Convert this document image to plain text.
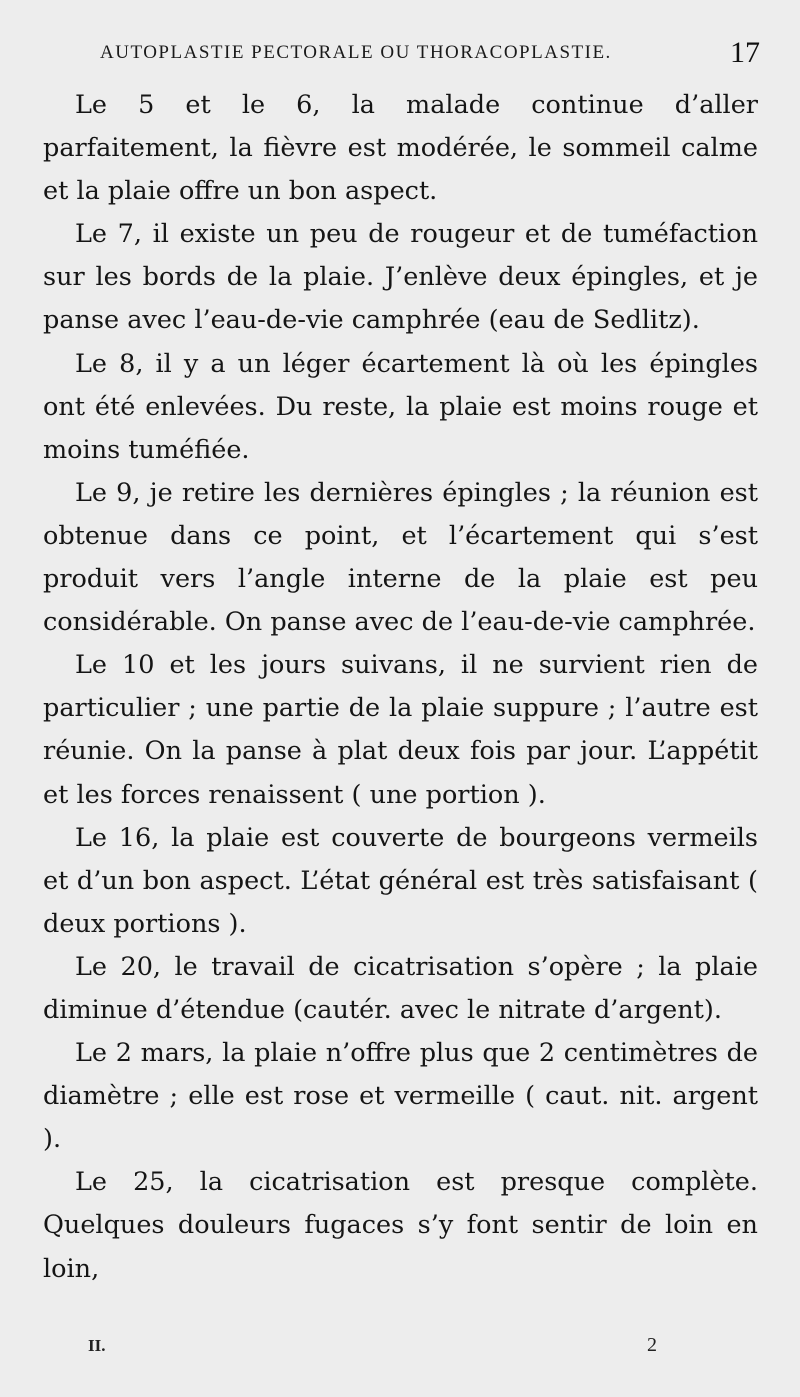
AUTOPLASTIE PECTORALE OU THORACOPLASTIE.	17

Le 5 et le 6, la malade continue d’aller parfaitement, la fièvre est modérée, le sommeil calme et la plaie offre un bon aspect.

Le 7, il existe un peu de rougeur et de tuméfaction sur les bords de la plaie. J’enlève deux épingles, et je panse avec l’eau-de-vie camphrée (eau de Sedlitz).

Le 8, il y a un léger écartement là où les épingles ont été enlevées. Du reste, la plaie est moins rouge et moins tuméfiée.

Le 9, je retire les dernières épingles ; la réunion est obtenue dans ce point, et l’écartement qui s’est produit vers l’angle interne de la plaie est peu considérable. On panse avec de l’eau-de-vie camphrée.

Le 10 et les jours suivans, il ne survient rien de particulier ; une partie de la plaie suppure ; l’autre est réunie. On la panse à plat deux fois par jour. L’appétit et les forces renaissent ( une portion ).

Le 16, la plaie est couverte de bourgeons vermeils et d’un bon aspect. L’état général est très satisfaisant ( deux portions ).

Le 20, le travail de cicatrisation s’opère ; la plaie diminue d’étendue (cautér. avec le nitrate d’argent).

Le 2 mars, la plaie n’offre plus que 2 centimètres de diamètre ; elle est rose et vermeille ( caut. nit. argent ).

Le 25, la cicatrisation est presque complète. Quelques douleurs fugaces s’y font sentir de loin en loin,

II.	2
